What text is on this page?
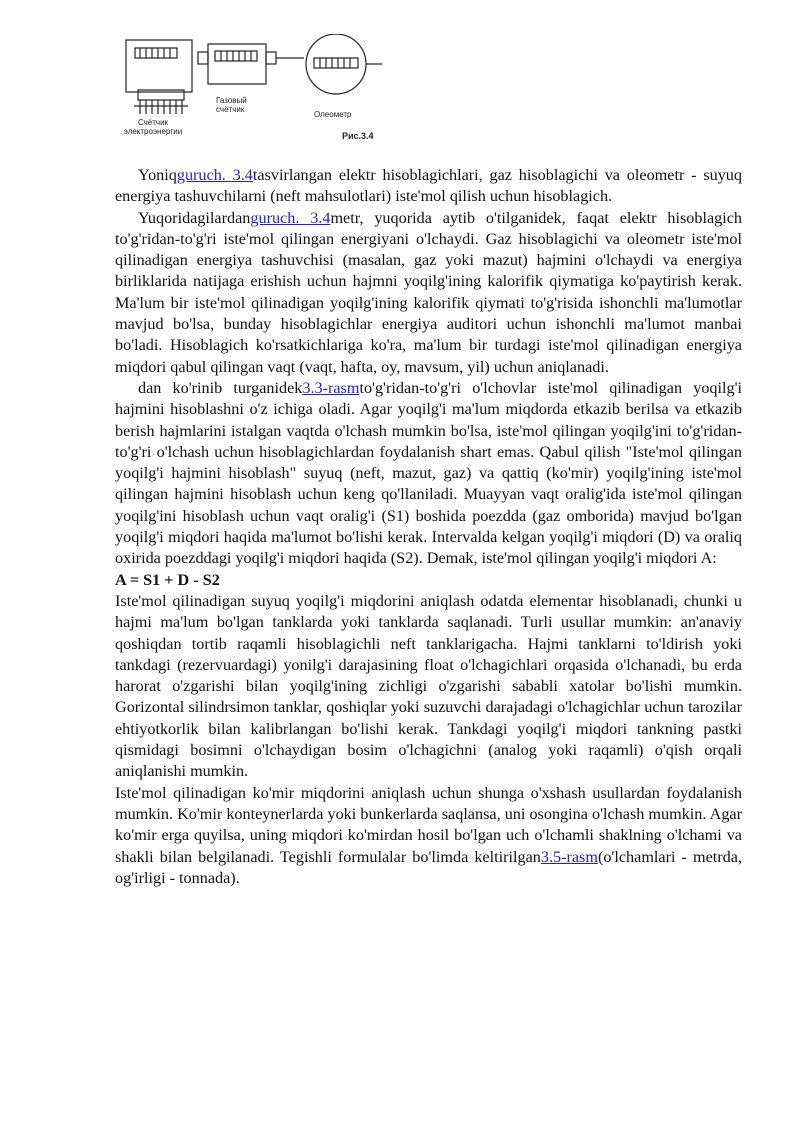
Счётчик
электроэнергии
Газовый
счётчик
Олеометр
Рис.3.4

Yoniqguruch. 3.4tasvirlangan elektr hisoblagichlari, gaz hisoblagichi va oleometr - suyuq energiya tashuvchilarni (neft mahsulotlari) iste'mol qilish uchun hisoblagich.

Yuqoridagilardanguruch. 3.4metr, yuqorida aytib o'tilganidek, faqat elektr hisoblagich to'g'ridan-to'g'ri iste'mol qilingan energiyani o'lchaydi. Gaz hisoblagichi va oleometr iste'mol qilinadigan energiya tashuvchisi (masalan, gaz yoki mazut) hajmini o'lchaydi va energiya birliklarida natijaga erishish uchun hajmni yoqilg'ining kalorifik qiymatiga ko'paytirish kerak. Ma'lum bir iste'mol qilinadigan yoqilg'ining kalorifik qiymati to'g'risida ishonchli ma'lumotlar mavjud bo'lsa, bunday hisoblagichlar energiya auditori uchun ishonchli ma'lumot manbai bo'ladi. Hisoblagich ko'rsatkichlariga ko'ra, ma'lum bir turdagi iste'mol qilinadigan energiya miqdori qabul qilingan vaqt (vaqt, hafta, oy, mavsum, yil) uchun aniqlanadi.

dan ko'rinib turganidek3.3-rasmto'g'ridan-to'g'ri o'lchovlar iste'mol qilinadigan yoqilg'i hajmini hisoblashni o'z ichiga oladi. Agar yoqilg'i ma'lum miqdorda etkazib berilsa va etkazib berish hajmlarini istalgan vaqtda o'lchash mumkin bo'lsa, iste'mol qilingan yoqilg'ini to'g'ridan-to'g'ri o'lchash uchun hisoblagichlardan foydalanish shart emas. Qabul qilish "Iste'mol qilingan yoqilg'i hajmini hisoblash" suyuq (neft, mazut, gaz) va qattiq (ko'mir) yoqilg'ining iste'mol qilingan hajmini hisoblash uchun keng qo'llaniladi. Muayyan vaqt oralig'ida iste'mol qilingan yoqilg'ini hisoblash uchun vaqt oralig'i (S1) boshida poezdda (gaz omborida) mavjud bo'lgan yoqilg'i miqdori haqida ma'lumot bo'lishi kerak. Intervalda kelgan yoqilg'i miqdori (D) va oraliq oxirida poezddagi yoqilg'i miqdori haqida (S2). Demak, iste'mol qilingan yoqilg'i miqdori A:

A = S1 + D - S2

Iste'mol qilinadigan suyuq yoqilg'i miqdorini aniqlash odatda elementar hisoblanadi, chunki u hajmi ma'lum bo'lgan tanklarda yoki tanklarda saqlanadi. Turli usullar mumkin: an'anaviy qoshiqdan tortib raqamli hisoblagichli neft tanklarigacha. Hajmi tanklarni to'ldirish yoki tankdagi (rezervuardagi) yonilg'i darajasining float o'lchagichlari orqasida o'lchanadi, bu erda harorat o'zgarishi bilan yoqilg'ining zichligi o'zgarishi sababli xatolar bo'lishi mumkin. Gorizontal silindrsimon tanklar, qoshiqlar yoki suzuvchi darajadagi o'lchagichlar uchun tarozilar ehtiyotkorlik bilan kalibrlangan bo'lishi kerak. Tankdagi yoqilg'i miqdori tankning pastki qismidagi bosimni o'lchaydigan bosim o'lchagichni (analog yoki raqamli) o'qish orqali aniqlanishi mumkin.

Iste'mol qilinadigan ko'mir miqdorini aniqlash uchun shunga o'xshash usullardan foydalanish mumkin. Ko'mir konteynerlarda yoki bunkerlarda saqlansa, uni osongina o'lchash mumkin. Agar ko'mir erga quyilsa, uning miqdori ko'mirdan hosil bo'lgan uch o'lchamli shaklning o'lchami va shakli bilan belgilanadi. Tegishli formulalar bo'limda keltirilgan3.5-rasm(o'lchamlari - metrda, og'irligi - tonnada).
